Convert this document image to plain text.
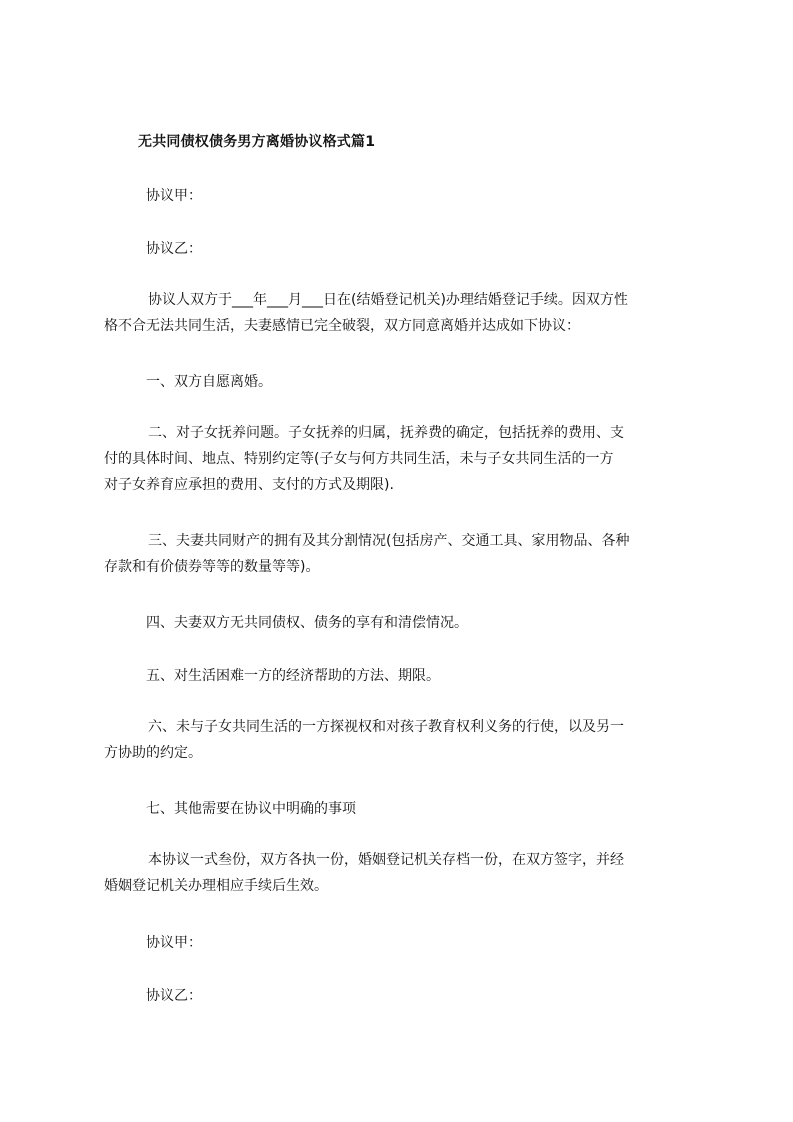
无共同债权债务男方离婚协议格式篇1
协议甲：
协议乙：
协议人双方于___年___月___日在(结婚登记机关)办理结婚登记手续。因双方性
格不合无法共同生活，夫妻感情已完全破裂，双方同意离婚并达成如下协议：
一、双方自愿离婚。
二、对子女抚养问题。子女抚养的归属，抚养费的确定，包括抚养的费用、支
付的具体时间、地点、特别约定等(子女与何方共同生活，未与子女共同生活的一方
对子女养育应承担的费用、支付的方式及期限).
三、夫妻共同财产的拥有及其分割情况(包括房产、交通工具、家用物品、各种
存款和有价债券等等的数量等等)。
四、夫妻双方无共同债权、债务的享有和清偿情况。
五、对生活困难一方的经济帮助的方法、期限。
六、未与子女共同生活的一方探视权和对孩子教育权利义务的行使，以及另一
方协助的约定。
七、其他需要在协议中明确的事项
本协议一式叁份，双方各执一份，婚姻登记机关存档一份，在双方签字，并经
婚姻登记机关办理相应手续后生效。
协议甲：
协议乙：
